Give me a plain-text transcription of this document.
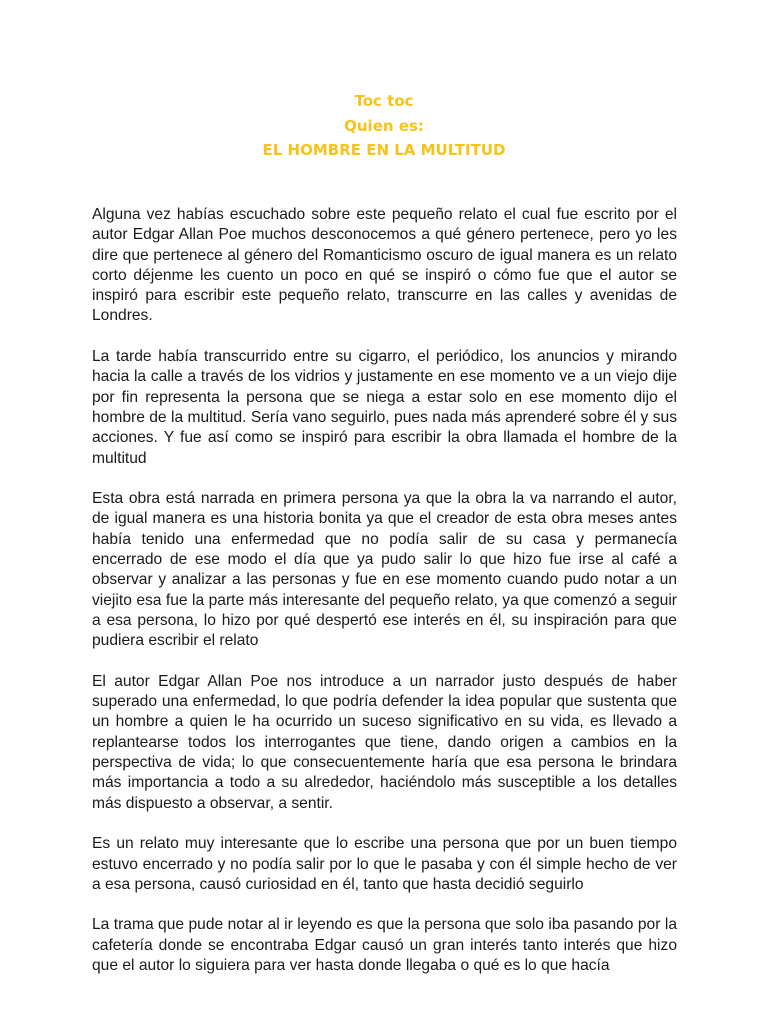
Toc toc
Quien es:
EL HOMBRE EN LA MULTITUD

Alguna vez habías escuchado sobre este pequeño relato el cual fue escrito por el autor Edgar Allan Poe muchos desconocemos a qué género pertenece, pero yo les dire que pertenece al género del Romanticismo oscuro de igual manera es un relato corto déjenme les cuento un poco en qué se inspiró o cómo fue que el autor se inspiró para escribir este pequeño relato, transcurre en las calles y avenidas de Londres.

La tarde había transcurrido entre su cigarro, el periódico, los anuncios y mirando hacia la calle a través de los vidrios y justamente en ese momento ve a un viejo dije por fin representa la persona que se niega a estar solo en ese momento dijo el hombre de la multitud. Sería vano seguirlo, pues nada más aprenderé sobre él y sus acciones. Y fue así como se inspiró para escribir la obra llamada el hombre de la multitud

Esta obra está narrada en primera persona ya que la obra la va narrando el autor, de igual manera es una historia bonita ya que el creador de esta obra meses antes había tenido una enfermedad que no podía salir de su casa y permanecía encerrado de ese modo el día que ya pudo salir lo que hizo fue irse al café a observar y analizar a las personas y fue en ese momento cuando pudo notar a un viejito esa fue la parte más interesante del pequeño relato, ya que comenzó a seguir a esa persona, lo hizo por qué despertó ese interés en él, su inspiración para que pudiera escribir el relato

El autor Edgar Allan Poe nos introduce a un narrador justo después de haber superado una enfermedad, lo que podría defender la idea popular que sustenta que un hombre a quien le ha ocurrido un suceso significativo en su vida, es llevado a replantearse todos los interrogantes que tiene, dando origen a cambios en la perspectiva de vida; lo que consecuentemente haría que esa persona le brindara más importancia a todo a su alrededor, haciéndolo más susceptible a los detalles más dispuesto a observar, a sentir.

Es un relato muy interesante que lo escribe una persona que por un buen tiempo estuvo encerrado y no podía salir por lo que le pasaba y con él simple hecho de ver a esa persona, causó curiosidad en él, tanto que hasta decidió seguirlo

La trama que pude notar al ir leyendo es que la persona que solo iba pasando por la cafetería donde se encontraba Edgar causó un gran interés tanto interés que hizo que el autor lo siguiera para ver hasta donde llegaba o qué es lo que hacía
